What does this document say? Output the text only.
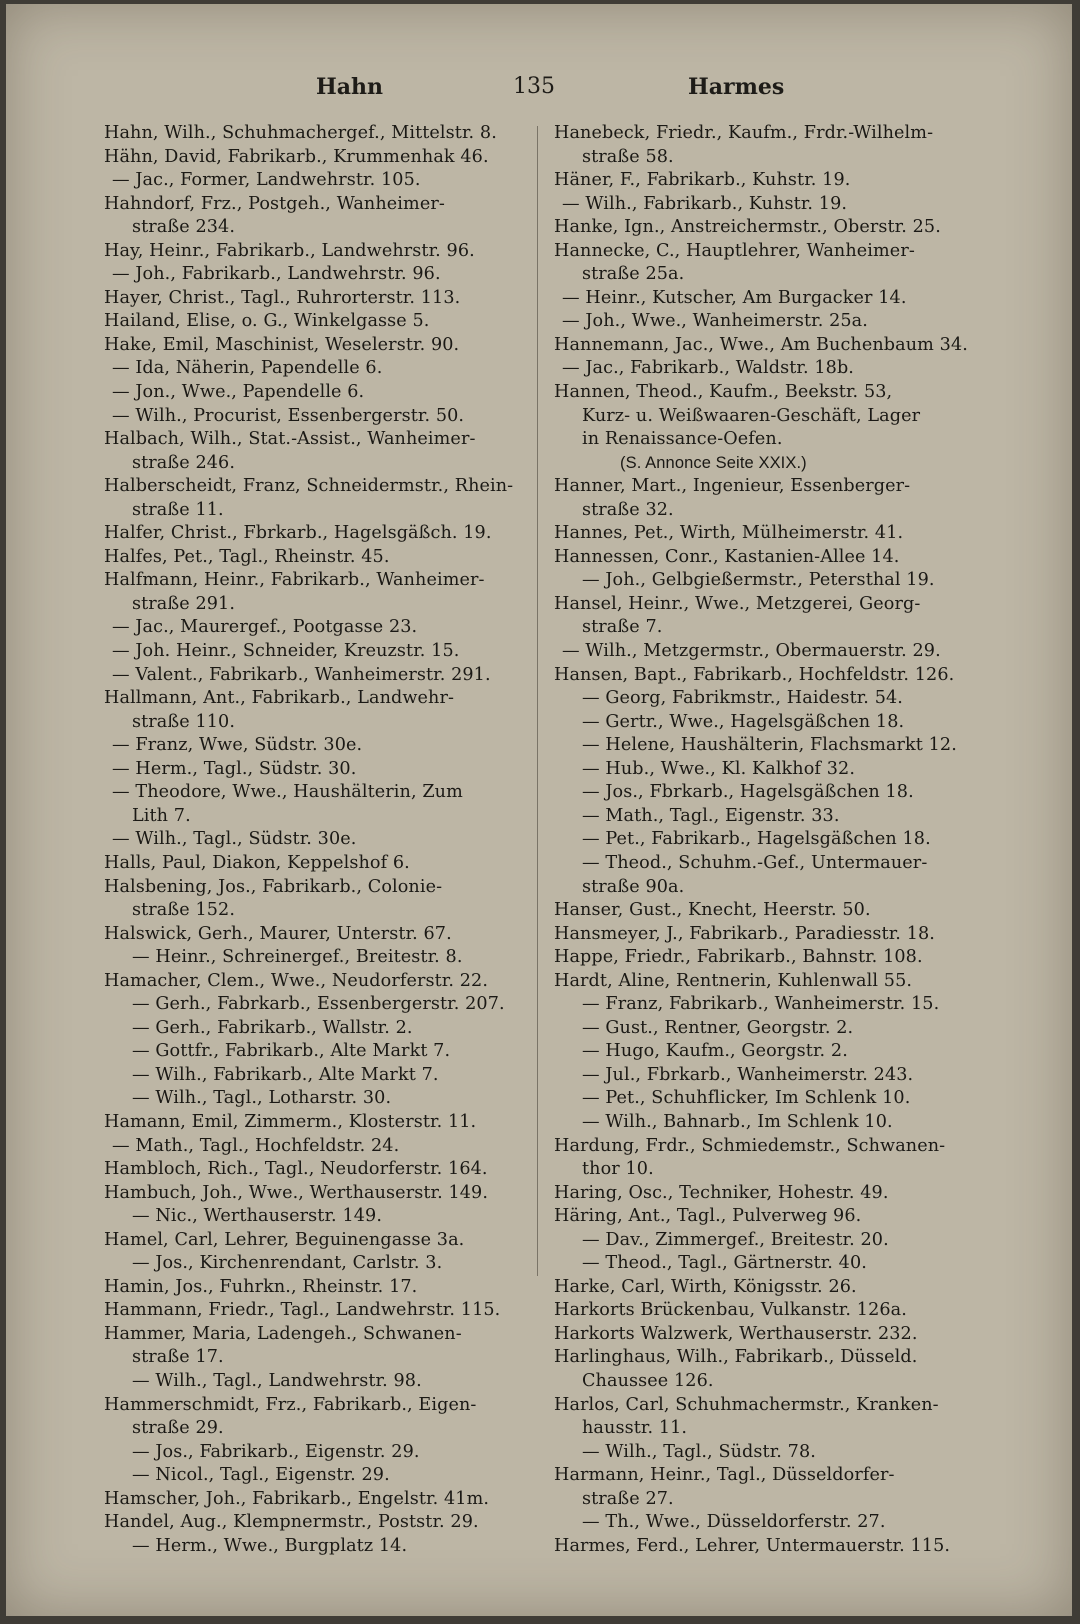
Hahn	135	Harmes
Hahn, Wilh., Schuhmachergef., Mittelstr. 8.
Hähn, David, Fabrikarb., Krummenhak 46.
— Jac., Former, Landwehrstr. 105.
Hahndorf, Frz., Postgeh., Wanheimer-
straße 234.
Hay, Heinr., Fabrikarb., Landwehrstr. 96.
— Joh., Fabrikarb., Landwehrstr. 96.
Hayer, Christ., Tagl., Ruhrorterstr. 113.
Hailand, Elise, o. G., Winkelgasse 5.
Hake, Emil, Maschinist, Weselerstr. 90.
— Ida, Näherin, Papendelle 6.
— Jon., Wwe., Papendelle 6.
— Wilh., Procurist, Essenbergerstr. 50.
Halbach, Wilh., Stat.-Assist., Wanheimer-
straße 246.
Halberscheidt, Franz, Schneidermstr., Rhein-
straße 11.
Halfer, Christ., Fbrkarb., Hagelsgäßch. 19.
Halfes, Pet., Tagl., Rheinstr. 45.
Halfmann, Heinr., Fabrikarb., Wanheimer-
straße 291.
— Jac., Maurergef., Pootgasse 23.
— Joh. Heinr., Schneider, Kreuzstr. 15.
— Valent., Fabrikarb., Wanheimerstr. 291.
Hallmann, Ant., Fabrikarb., Landwehr-
straße 110.
— Franz, Wwe, Südstr. 30e.
— Herm., Tagl., Südstr. 30.
— Theodore, Wwe., Haushälterin, Zum
Lith 7.
— Wilh., Tagl., Südstr. 30e.
Halls, Paul, Diakon, Keppelshof 6.
Halsbening, Jos., Fabrikarb., Colonie-
straße 152.
Halswick, Gerh., Maurer, Unterstr. 67.
— Heinr., Schreinergef., Breitestr. 8.
Hamacher, Clem., Wwe., Neudorferstr. 22.
— Gerh., Fabrkarb., Essenbergerstr. 207.
— Gerh., Fabrikarb., Wallstr. 2.
— Gottfr., Fabrikarb., Alte Markt 7.
— Wilh., Fabrikarb., Alte Markt 7.
— Wilh., Tagl., Lotharstr. 30.
Hamann, Emil, Zimmerm., Klosterstr. 11.
— Math., Tagl., Hochfeldstr. 24.
Hambloch, Rich., Tagl., Neudorferstr. 164.
Hambuch, Joh., Wwe., Werthauserstr. 149.
— Nic., Werthauserstr. 149.
Hamel, Carl, Lehrer, Beguinengasse 3a.
— Jos., Kirchenrendant, Carlstr. 3.
Hamin, Jos., Fuhrkn., Rheinstr. 17.
Hammann, Friedr., Tagl., Landwehrstr. 115.
Hammer, Maria, Ladengeh., Schwanen-
straße 17.
— Wilh., Tagl., Landwehrstr. 98.
Hammerschmidt, Frz., Fabrikarb., Eigen-
straße 29.
— Jos., Fabrikarb., Eigenstr. 29.
— Nicol., Tagl., Eigenstr. 29.
Hamscher, Joh., Fabrikarb., Engelstr. 41m.
Handel, Aug., Klempnermstr., Poststr. 29.
— Herm., Wwe., Burgplatz 14.
Hanebeck, Friedr., Kaufm., Frdr.-Wilhelm-
straße 58.
Häner, F., Fabrikarb., Kuhstr. 19.
— Wilh., Fabrikarb., Kuhstr. 19.
Hanke, Ign., Anstreichermstr., Oberstr. 25.
Hannecke, C., Hauptlehrer, Wanheimer-
straße 25a.
— Heinr., Kutscher, Am Burgacker 14.
— Joh., Wwe., Wanheimerstr. 25a.
Hannemann, Jac., Wwe., Am Buchenbaum 34.
— Jac., Fabrikarb., Waldstr. 18b.
Hannen, Theod., Kaufm., Beekstr. 53,
Kurz- u. Weißwaaren-Geschäft, Lager
in Renaissance-Oefen.
(S. Annonce Seite XXIX.)
Hanner, Mart., Ingenieur, Essenberger-
straße 32.
Hannes, Pet., Wirth, Mülheimerstr. 41.
Hannessen, Conr., Kastanien-Allee 14.
— Joh., Gelbgießermstr., Petersthal 19.
Hansel, Heinr., Wwe., Metzgerei, Georg-
straße 7.
— Wilh., Metzgermstr., Obermauerstr. 29.
Hansen, Bapt., Fabrikarb., Hochfeldstr. 126.
— Georg, Fabrikmstr., Haidestr. 54.
— Gertr., Wwe., Hagelsgäßchen 18.
— Helene, Haushälterin, Flachsmarkt 12.
— Hub., Wwe., Kl. Kalkhof 32.
— Jos., Fbrkarb., Hagelsgäßchen 18.
— Math., Tagl., Eigenstr. 33.
— Pet., Fabrikarb., Hagelsgäßchen 18.
— Theod., Schuhm.-Gef., Untermauer-
straße 90a.
Hanser, Gust., Knecht, Heerstr. 50.
Hansmeyer, J., Fabrikarb., Paradiesstr. 18.
Happe, Friedr., Fabrikarb., Bahnstr. 108.
Hardt, Aline, Rentnerin, Kuhlenwall 55.
— Franz, Fabrikarb., Wanheimerstr. 15.
— Gust., Rentner, Georgstr. 2.
— Hugo, Kaufm., Georgstr. 2.
— Jul., Fbrkarb., Wanheimerstr. 243.
— Pet., Schuhflicker, Im Schlenk 10.
— Wilh., Bahnarb., Im Schlenk 10.
Hardung, Frdr., Schmiedemstr., Schwanen-
thor 10.
Haring, Osc., Techniker, Hohestr. 49.
Häring, Ant., Tagl., Pulverweg 96.
— Dav., Zimmergef., Breitestr. 20.
— Theod., Tagl., Gärtnerstr. 40.
Harke, Carl, Wirth, Königsstr. 26.
Harkorts Brückenbau, Vulkanstr. 126a.
Harkorts Walzwerk, Werthauserstr. 232.
Harlinghaus, Wilh., Fabrikarb., Düsseld.
Chaussee 126.
Harlos, Carl, Schuhmachermstr., Kranken-
hausstr. 11.
— Wilh., Tagl., Südstr. 78.
Harmann, Heinr., Tagl., Düsseldorfer-
straße 27.
— Th., Wwe., Düsseldorferstr. 27.
Harmes, Ferd., Lehrer, Untermauerstr. 115.
